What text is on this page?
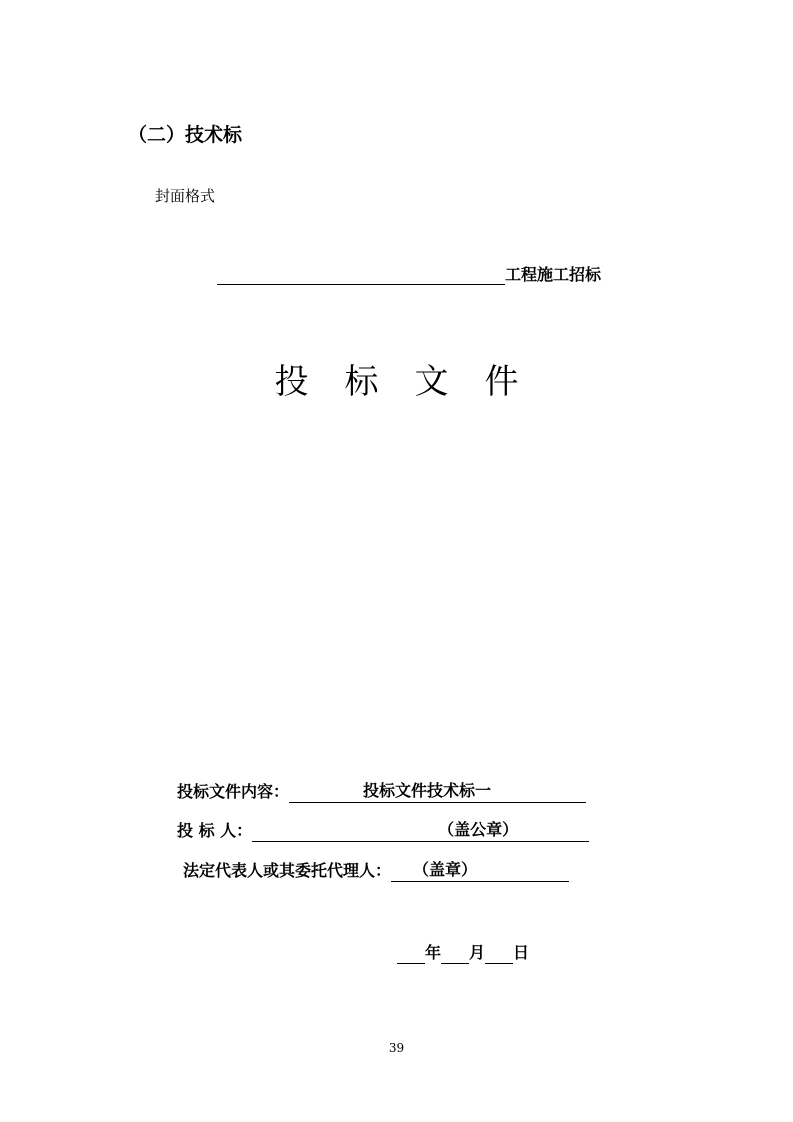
（二）技术标
封面格式
工程施工招标
投标文件
投标文件内容：	投标文件技术标一
投 标 人：	（盖公章）
法定代表人或其委托代理人： （盖章）
年 月 日
39
